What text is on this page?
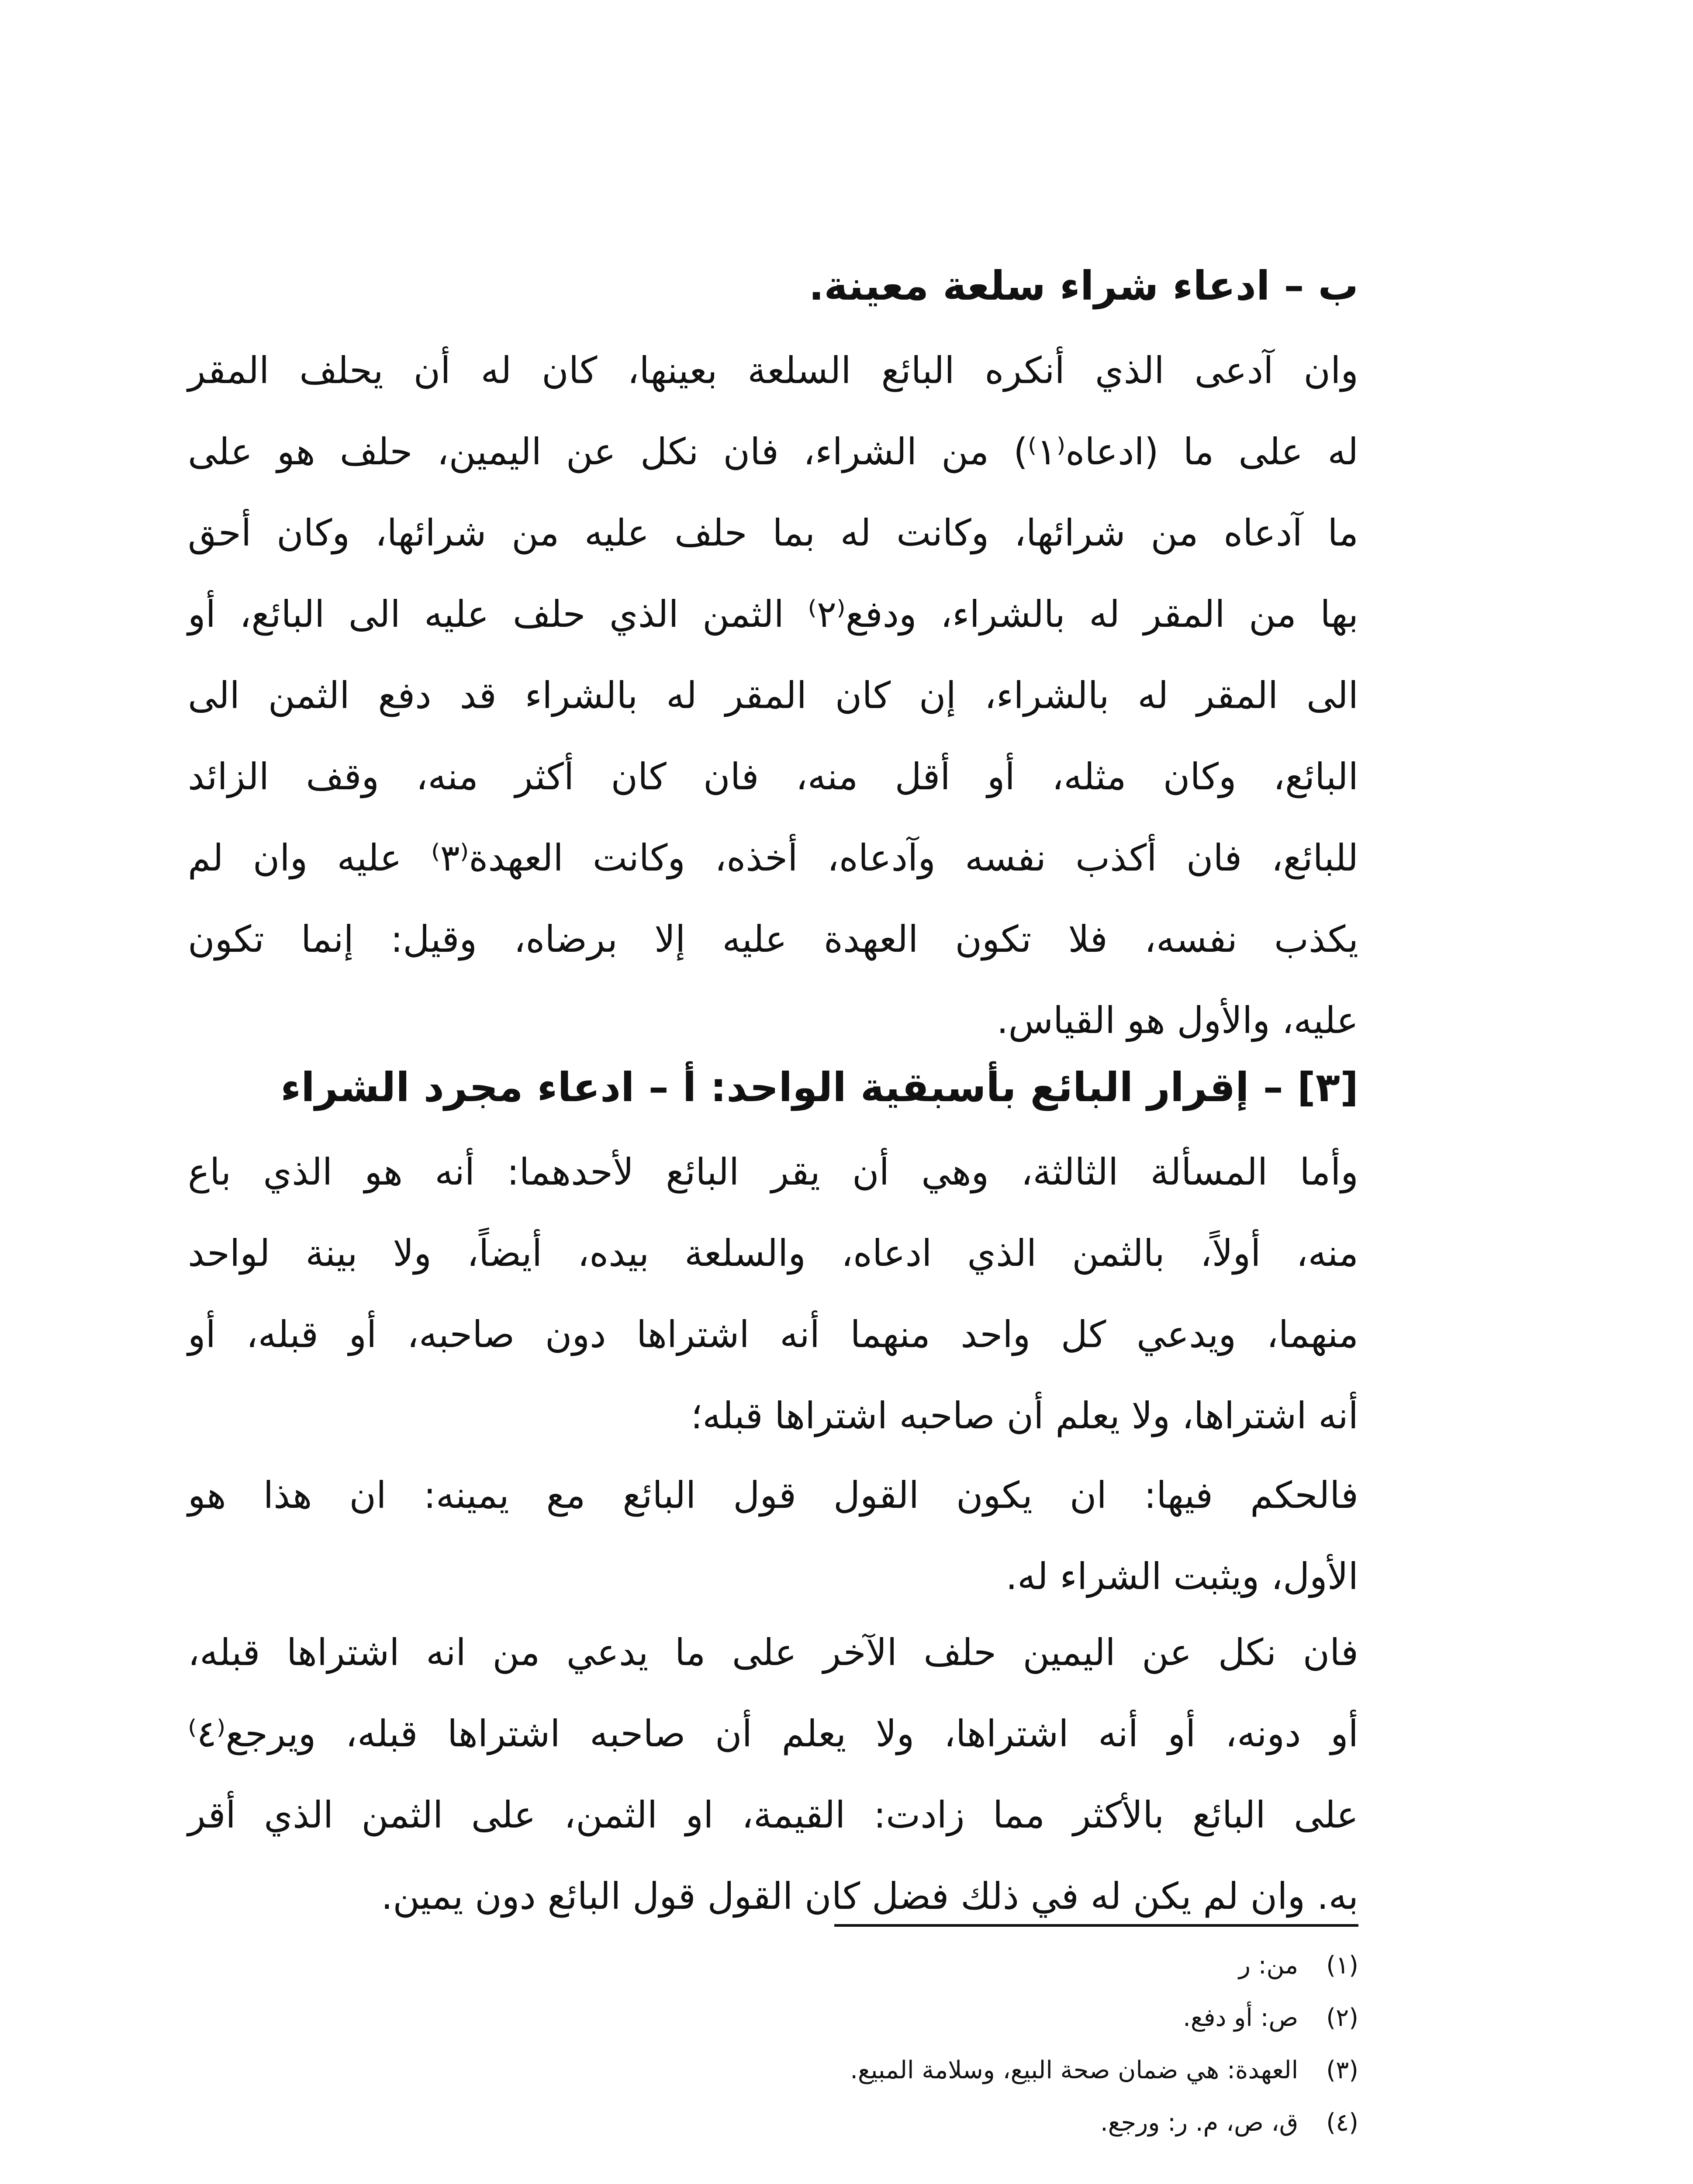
ب – ادعاء شراء سلعة معينة.
وان آدعى الذي أنكره البائع السلعة بعينها، كان له أن يحلف المقر
له على ما (ادعاه⁽١⁾) من الشراء، فان نكل عن اليمين، حلف هو على
ما آدعاه من شرائها، وكانت له بما حلف عليه من شرائها، وكان أحق
بها من المقر له بالشراء، ودفع⁽٢⁾ الثمن الذي حلف عليه الى البائع، أو
الى المقر له بالشراء، إن كان المقر له بالشراء قد دفع الثمن الى
البائع، وكان مثله، أو أقل منه، فان كان أكثر منه، وقف الزائد
للبائع، فان أكذب نفسه وآدعاه، أخذه، وكانت العهدة⁽٣⁾ عليه وان لم
يكذب نفسه، فلا تكون العهدة عليه إلا برضاه، وقيل: إنما تكون
عليه، والأول هو القياس.
[٣] – إقرار البائع بأسبقية الواحد: أ – ادعاء مجرد الشراء
وأما المسألة الثالثة، وهي أن يقر البائع لأحدهما: أنه هو الذي باع
منه، أولاً، بالثمن الذي ادعاه، والسلعة بيده، أيضاً، ولا بينة لواحد
منهما، ويدعي كل واحد منهما أنه اشتراها دون صاحبه، أو قبله، أو
أنه اشتراها، ولا يعلم أن صاحبه اشتراها قبله؛
فالحكم فيها: ان يكون القول قول البائع مع يمينه: ان هذا هو
الأول، ويثبت الشراء له.
فان نكل عن اليمين حلف الآخر على ما يدعي من انه اشتراها قبله،
أو دونه، أو أنه اشتراها، ولا يعلم أن صاحبه اشتراها قبله، ويرجع⁽٤⁾
على البائع بالأكثر مما زادت: القيمة، او الثمن، على الثمن الذي أقر
به. وان لم يكن له في ذلك فضل كان القول قول البائع دون يمين.
(١) من: ر
(٢) ص: أو دفع.
(٣) العهدة: هي ضمان صحة البيع، وسلامة المبيع.
(٤) ق، ص، م. ر: ورجع.
